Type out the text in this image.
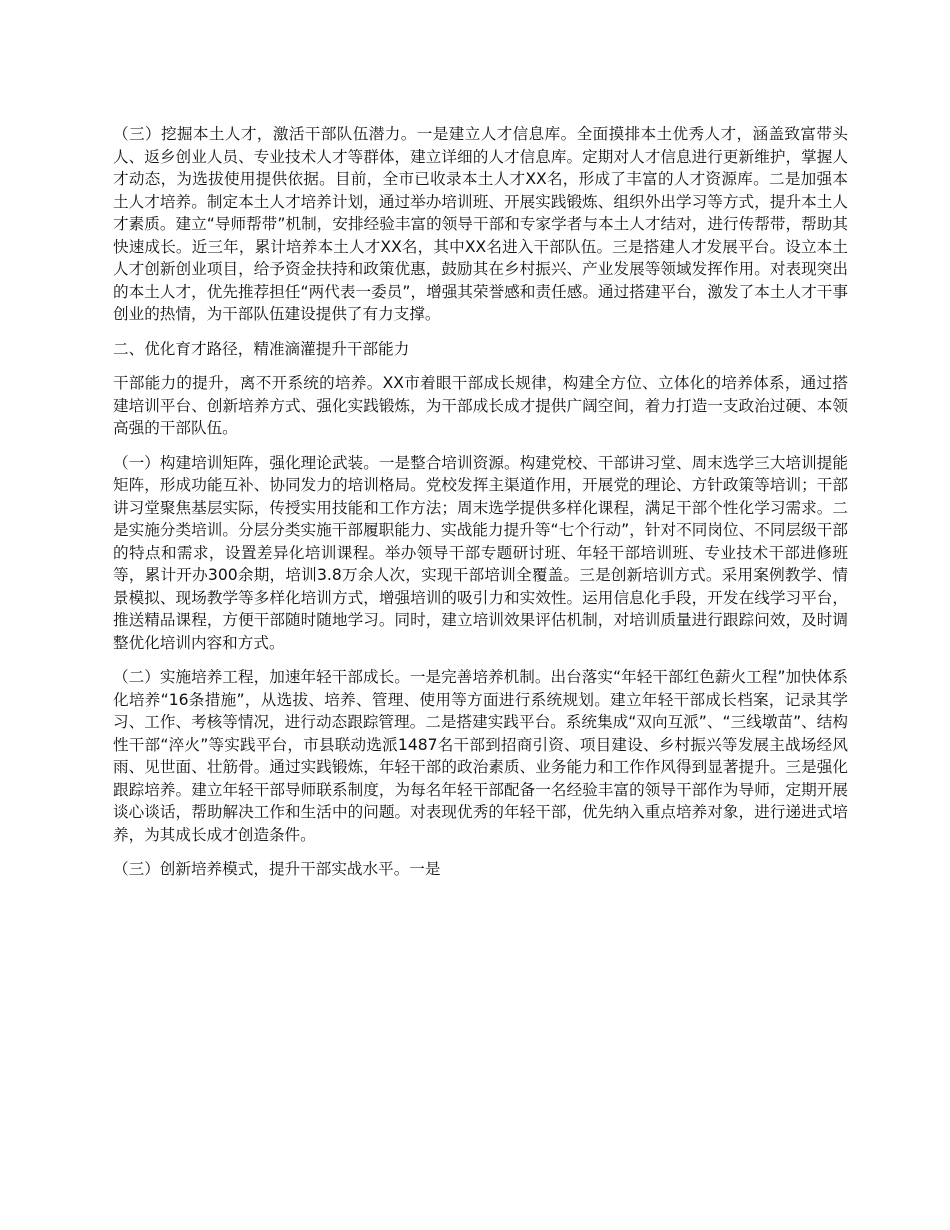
（三）挖掘本土人才，激活干部队伍潜力。一是建立人才信息库。全面摸排本土优秀人才，涵盖致富带头人、返乡创业人员、专业技术人才等群体，建立详细的人才信息库。定期对人才信息进行更新维护，掌握人才动态，为选拔使用提供依据。目前，全市已收录本土人才XX名，形成了丰富的人才资源库。二是加强本土人才培养。制定本土人才培养计划，通过举办培训班、开展实践锻炼、组织外出学习等方式，提升本土人才素质。建立“导师帮带”机制，安排经验丰富的领导干部和专家学者与本土人才结对，进行传帮带，帮助其快速成长。近三年，累计培养本土人才XX名，其中XX名进入干部队伍。三是搭建人才发展平台。设立本土人才创新创业项目，给予资金扶持和政策优惠，鼓励其在乡村振兴、产业发展等领域发挥作用。对表现突出的本土人才，优先推荐担任“两代表一委员”，增强其荣誉感和责任感。通过搭建平台，激发了本土人才干事创业的热情，为干部队伍建设提供了有力支撑。

二、优化育才路径，精准滴灌提升干部能力

干部能力的提升，离不开系统的培养。XX市着眼干部成长规律，构建全方位、立体化的培养体系，通过搭建培训平台、创新培养方式、强化实践锻炼，为干部成长成才提供广阔空间，着力打造一支政治过硬、本领高强的干部队伍。

（一）构建培训矩阵，强化理论武装。一是整合培训资源。构建党校、干部讲习堂、周末选学三大培训提能矩阵，形成功能互补、协同发力的培训格局。党校发挥主渠道作用，开展党的理论、方针政策等培训；干部讲习堂聚焦基层实际，传授实用技能和工作方法；周末选学提供多样化课程，满足干部个性化学习需求。二是实施分类培训。分层分类实施干部履职能力、实战能力提升等“七个行动”，针对不同岗位、不同层级干部的特点和需求，设置差异化培训课程。举办领导干部专题研讨班、年轻干部培训班、专业技术干部进修班等，累计开办300余期，培训3.8万余人次，实现干部培训全覆盖。三是创新培训方式。采用案例教学、情景模拟、现场教学等多样化培训方式，增强培训的吸引力和实效性。运用信息化手段，开发在线学习平台，推送精品课程，方便干部随时随地学习。同时，建立培训效果评估机制，对培训质量进行跟踪问效，及时调整优化培训内容和方式。

（二）实施培养工程，加速年轻干部成长。一是完善培养机制。出台落实“年轻干部红色薪火工程”加快体系化培养“16条措施”，从选拔、培养、管理、使用等方面进行系统规划。建立年轻干部成长档案，记录其学习、工作、考核等情况，进行动态跟踪管理。二是搭建实践平台。系统集成“双向互派”、“三线墩苗”、结构性干部“淬火”等实践平台，市县联动选派1487名干部到招商引资、项目建设、乡村振兴等发展主战场经风雨、见世面、壮筋骨。通过实践锻炼，年轻干部的政治素质、业务能力和工作作风得到显著提升。三是强化跟踪培养。建立年轻干部导师联系制度，为每名年轻干部配备一名经验丰富的领导干部作为导师，定期开展谈心谈话，帮助解决工作和生活中的问题。对表现优秀的年轻干部，优先纳入重点培养对象，进行递进式培养，为其成长成才创造条件。

（三）创新培养模式，提升干部实战水平。一是
